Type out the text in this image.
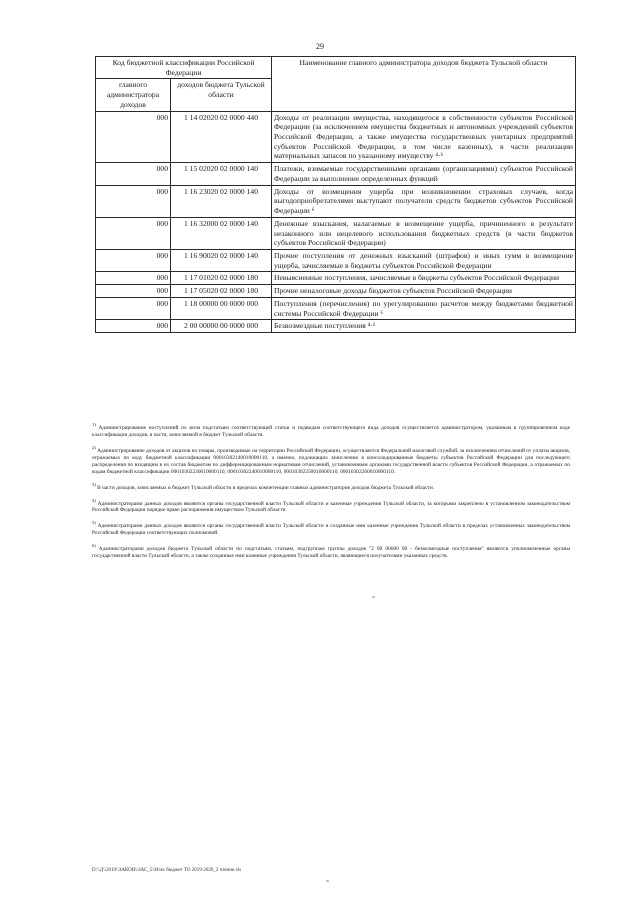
29
Код бюджетной классификации Российской Федерации		Наименование главного администратора доходов бюджета Тульской области
главного администратора доходов	доходов бюджета Тульской области	
000	1 14 02020 02 0000 440	Доходы от реализации имущества, находящегося в собственности субъектов Российской Федерации (за исключением имущества бюджетных и автономных учреждений субъектов Российской Федерации, а также имущества государственных унитарных предприятий субъектов Российской Федерации, в том числе казенных), в части реализации материальных запасов по указанному имуществу ⁴·⁶
000	1 15 02020 02 0000 140	Платежи, взимаемые государственными органами (организациями) субъектов Российской Федерации за выполнение определенных функций
000	1 16 23020 02 0000 140	Доходы от возмещения ущерба при возникновении страховых случаев, когда выгодоприобретателями выступают получатели средств бюджетов субъектов Российской Федерации ⁶
000	1 16 32000 02 0000 140	Денежные взыскания, налагаемые в возмещение ущерба, причиненного в результате незаконного или нецелевого использования бюджетных средств (в части бюджетов субъектов Российской Федерации)
000	1 16 90020 02 0000 140	Прочие поступления от денежных взысканий (штрафов) и иных сумм в возмещение ущерба, зачисляемые в бюджеты субъектов Российской Федерации
000	1 17 01020 02 0000 180	Невыясненные поступления, зачисляемые в бюджеты субъектов Российской Федерации
000	1 17 05020 02 0000 180	Прочие неналоговые доходы бюджетов субъектов Российской Федерации
000	1 18 00000 00 0000 000	Поступления (перечисления) по урегулированию расчетов между бюджетами бюджетной системы Российской Федерации ⁶
000	2 00 00000 00 0000 000	Безвозмездные поступления ⁴·⁶

$^{1)}$ Администрирование поступлений по всем подстатьям соответствующей статьи и подвидам соответствующего вида доходов осуществляется администратором, указанным в группировочном коде классификации доходов, в части, зачисляемой в бюджет Тульской области.

$^{2)}$ Администрирование доходов от акцизов на товары, производимые на территории Российской Федерации, осуществляется Федеральной налоговой службой, за исключением отчислений от уплаты акцизов, отражаемых по коду бюджетной классификации 00010302140010000110, а именно, подлежащих зачислению в консолидированные бюджеты субъектов Российской Федерации для последующего распределения по входящим в их состав бюджетам по дифференцированным нормативам отчислений, установленным органами государственной власти субъектов Российской Федерации, а отражаемых по кодам бюджетной классификации 00010302230010000110, 00010302240010000110, 00010302250010000110, 00010302260010000110.

$^{3)}$ В части доходов, зачисляемых в бюджет Тульской области в пределах компетенции главных администраторов доходов бюджета Тульской области.

$^{4)}$ Администраторами данных доходов являются органы государственной власти Тульской области и казенные учреждения Тульской области, за которыми закреплено в установленном законодательством Российской Федерации порядке право распоряжения имуществом Тульской области.

$^{5)}$ Администраторами данных доходов являются органы государственной власти Тульской области и созданные ими казенные учреждения Тульской области в пределах установленных законодательством Российской Федерации соответствующих полномочий.

$^{6)}$ Администраторами доходов бюджета Тульской области по подстатьям, статьям, подгруппам группы доходов "2 00 00000 00 - безвозмездные поступления" являются уполномоченные органы государственной власти Тульской области, а также созданные ими казенные учреждения Тульской области, являющиеся получателями указанных средств.

D:\\Д\\2019\\ЗАКОН\\ЗАС_5\\Изм. бюджет ТО 2019-2020_2 чтение.xls
